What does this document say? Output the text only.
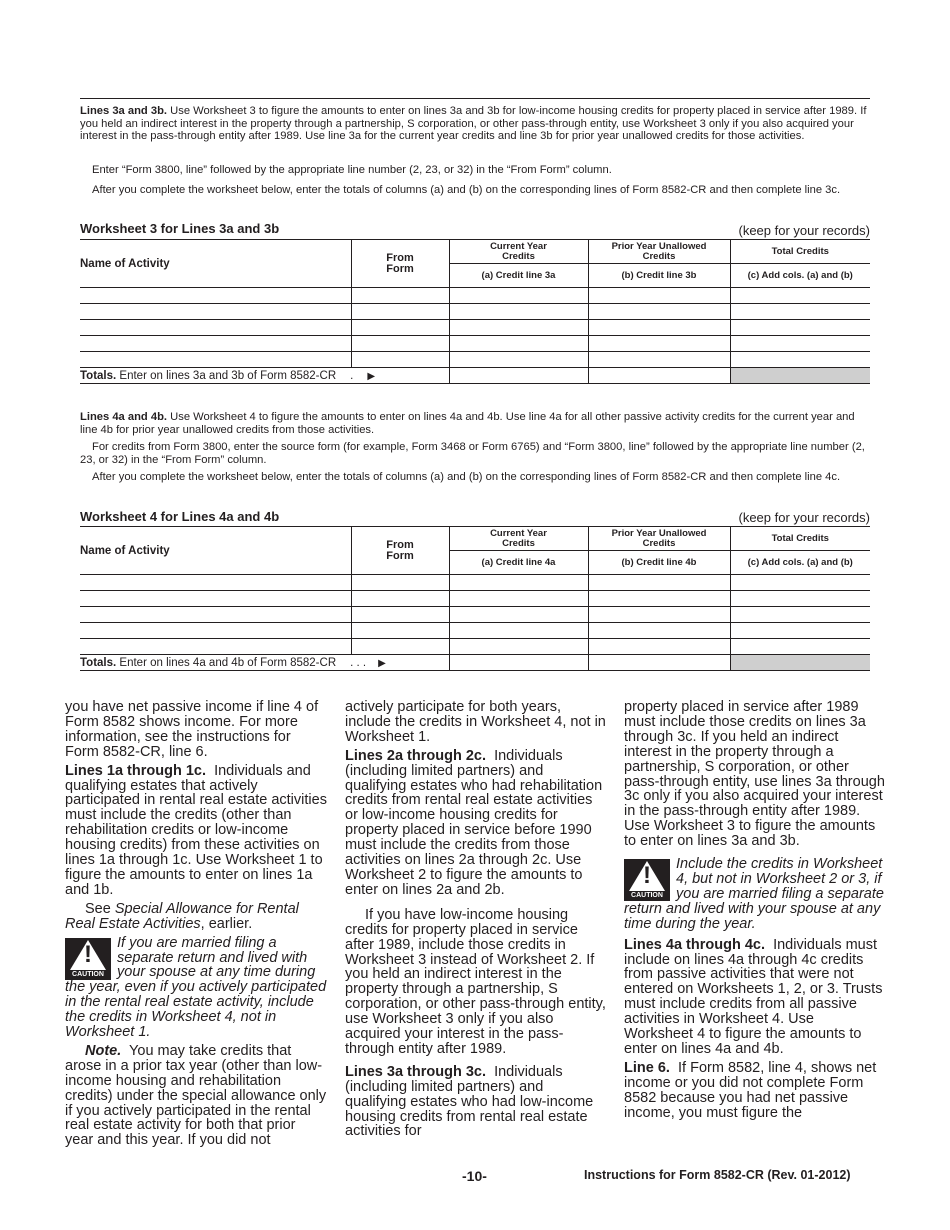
Lines 3a and 3b. Use Worksheet 3 to figure the amounts to enter on lines 3a and 3b for low-income housing credits for property placed in service after 1989. If you held an indirect interest in the property through a partnership, S corporation, or other pass-through entity, use Worksheet 3 only if you also acquired your interest in the pass-through entity after 1989. Use line 3a for the current year credits and line 3b for prior year unallowed credits for those activities.

Enter “Form 3800, line” followed by the appropriate line number (2, 23, or 32) in the “From Form” column.

After you complete the worksheet below, enter the totals of columns (a) and (b) on the corresponding lines of Form 8582-CR and then complete line 3c.

Worksheet 3 for Lines 3a and 3b	(keep for your records)
Name of Activity	From Form	Current Year Credits	Prior Year Unallowed Credits	Total Credits
		(a) Credit line 3a	(b) Credit line 3b	(c) Add cols. (a) and (b)

Totals. Enter on lines 3a and 3b of Form 8582-CR . ▶				

Lines 4a and 4b. Use Worksheet 4 to figure the amounts to enter on lines 4a and 4b. Use line 4a for all other passive activity credits for the current year and line 4b for prior year unallowed credits from those activities.

For credits from Form 3800, enter the source form (for example, Form 3468 or Form 6765) and “Form 3800, line” followed by the appropriate line number (2, 23, or 32) in the “From Form” column.

After you complete the worksheet below, enter the totals of columns (a) and (b) on the corresponding lines of Form 8582-CR and then complete line 4c.

Worksheet 4 for Lines 4a and 4b	(keep for your records)
Name of Activity	From Form	Current Year Credits	Prior Year Unallowed Credits	Total Credits
		(a) Credit line 4a	(b) Credit line 4b	(c) Add cols. (a) and (b)

Totals. Enter on lines 4a and 4b of Form 8582-CR . . . ▶				

you have net passive income if line 4 of Form 8582 shows income. For more information, see the instructions for Form 8582-CR, line 6.

Lines 1a through 1c. Individuals and qualifying estates that actively participated in rental real estate activities must include the credits (other than rehabilitation credits or low-income housing credits) from these activities on lines 1a through 1c. Use Worksheet 1 to figure the amounts to enter on lines 1a and 1b.

See Special Allowance for Rental Real Estate Activities, earlier.

!
CAUTION

If you are married filing a separate return and lived with your spouse at any time during the year, even if you actively participated in the rental real estate activity, include the credits in Worksheet 4, not in Worksheet 1.

Note. You may take credits that arose in a prior tax year (other than low-income housing and rehabilitation credits) under the special allowance only if you actively participated in the rental real estate activity for both that prior year and this year. If you did not

actively participate for both years, include the credits in Worksheet 4, not in Worksheet 1.

Lines 2a through 2c. Individuals (including limited partners) and qualifying estates who had rehabilitation credits from rental real estate activities or low-income housing credits for property placed in service before 1990 must include the credits from those activities on lines 2a through 2c. Use Worksheet 2 to figure the amounts to enter on lines 2a and 2b.

If you have low-income housing credits for property placed in service after 1989, include those credits in Worksheet 3 instead of Worksheet 2. If you held an indirect interest in the property through a partnership, S corporation, or other pass-through entity, use Worksheet 3 only if you also acquired your interest in the pass-through entity after 1989.

Lines 3a through 3c. Individuals (including limited partners) and qualifying estates who had low-income housing credits from rental real estate activities for

property placed in service after 1989 must include those credits on lines 3a through 3c. If you held an indirect interest in the property through a partnership, S corporation, or other pass-through entity, use lines 3a through 3c only if you also acquired your interest in the pass-through entity after 1989. Use Worksheet 3 to figure the amounts to enter on lines 3a and 3b.

!
CAUTION

Include the credits in Worksheet 4, but not in Worksheet 2 or 3, if you are married filing a separate return and lived with your spouse at any time during the year.

Lines 4a through 4c. Individuals must include on lines 4a through 4c credits from passive activities that were not entered on Worksheets 1, 2, or 3. Trusts must include credits from all passive activities in Worksheet 4. Use Worksheet 4 to figure the amounts to enter on lines 4a and 4b.

Line 6. If Form 8582, line 4, shows net income or you did not complete Form 8582 because you had net passive income, you must figure the

-10-	Instructions for Form 8582-CR (Rev. 01-2012)
